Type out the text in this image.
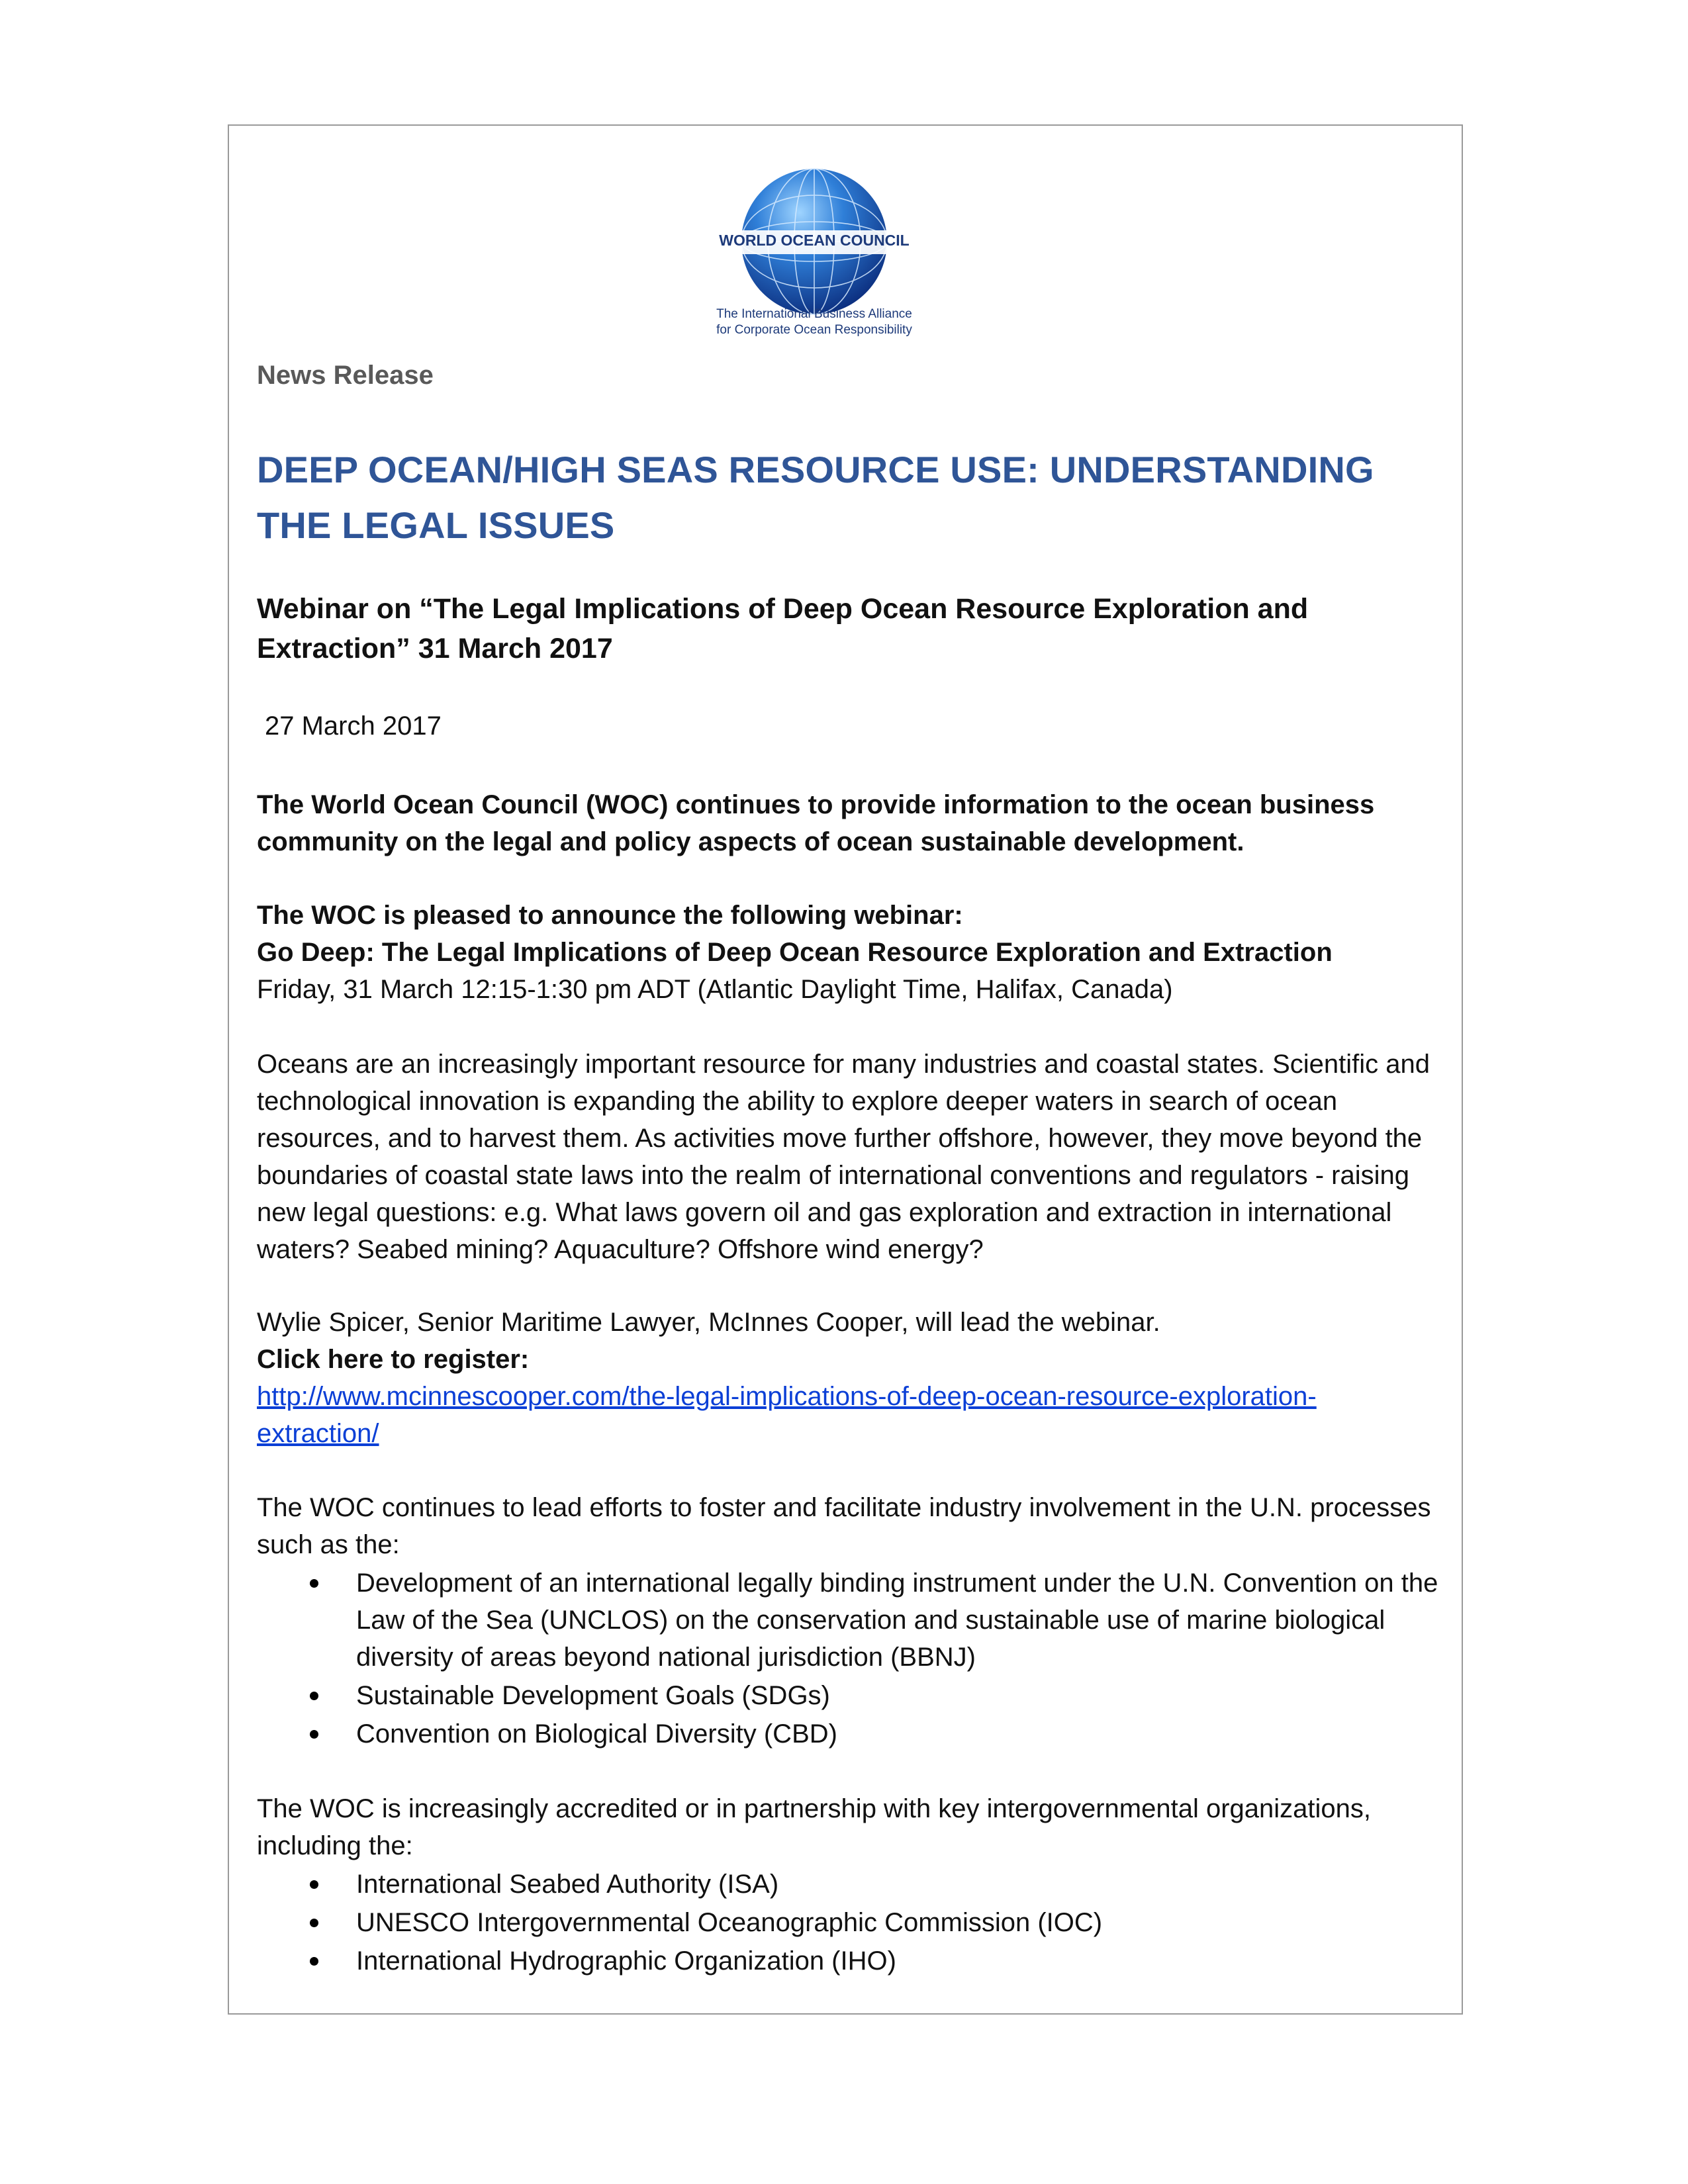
WORLD OCEAN COUNCIL
The International Business Alliance
for Corporate Ocean Responsibility
News Release
DEEP OCEAN/HIGH SEAS RESOURCE USE: UNDERSTANDING THE LEGAL ISSUES
Webinar on “The Legal Implications of Deep Ocean Resource Exploration and Extraction” 31 March 2017
27 March 2017

The World Ocean Council (WOC) continues to provide information to the ocean business community on the legal and policy aspects of ocean sustainable development.

The WOC is pleased to announce the following webinar:
Go Deep: The Legal Implications of Deep Ocean Resource Exploration and Extraction
Friday, 31 March 12:15-1:30 pm ADT (Atlantic Daylight Time, Halifax, Canada)

Oceans are an increasingly important resource for many industries and coastal states. Scientific and technological innovation is expanding the ability to explore deeper waters in search of ocean resources, and to harvest them. As activities move further offshore, however, they move beyond the boundaries of coastal state laws into the realm of international conventions and regulators - raising new legal questions: e.g. What laws govern oil and gas exploration and extraction in international waters? Seabed mining? Aquaculture? Offshore wind energy?

Wylie Spicer, Senior Maritime Lawyer, McInnes Cooper, will lead the webinar.
Click here to register:
http://www.mcinnescooper.com/the-legal-implications-of-deep-ocean-resource-exploration-extraction/
The WOC continues to lead efforts to foster and facilitate industry involvement in the U.N. processes such as the:
Development of an international legally binding instrument under the U.N. Convention on the Law of the Sea (UNCLOS) on the conservation and sustainable use of marine biological diversity of areas beyond national jurisdiction (BBNJ)
Sustainable Development Goals (SDGs)
Convention on Biological Diversity (CBD)
The WOC is increasingly accredited or in partnership with key intergovernmental organizations, including the:
International Seabed Authority (ISA)
UNESCO Intergovernmental Oceanographic Commission (IOC)
International Hydrographic Organization (IHO)
